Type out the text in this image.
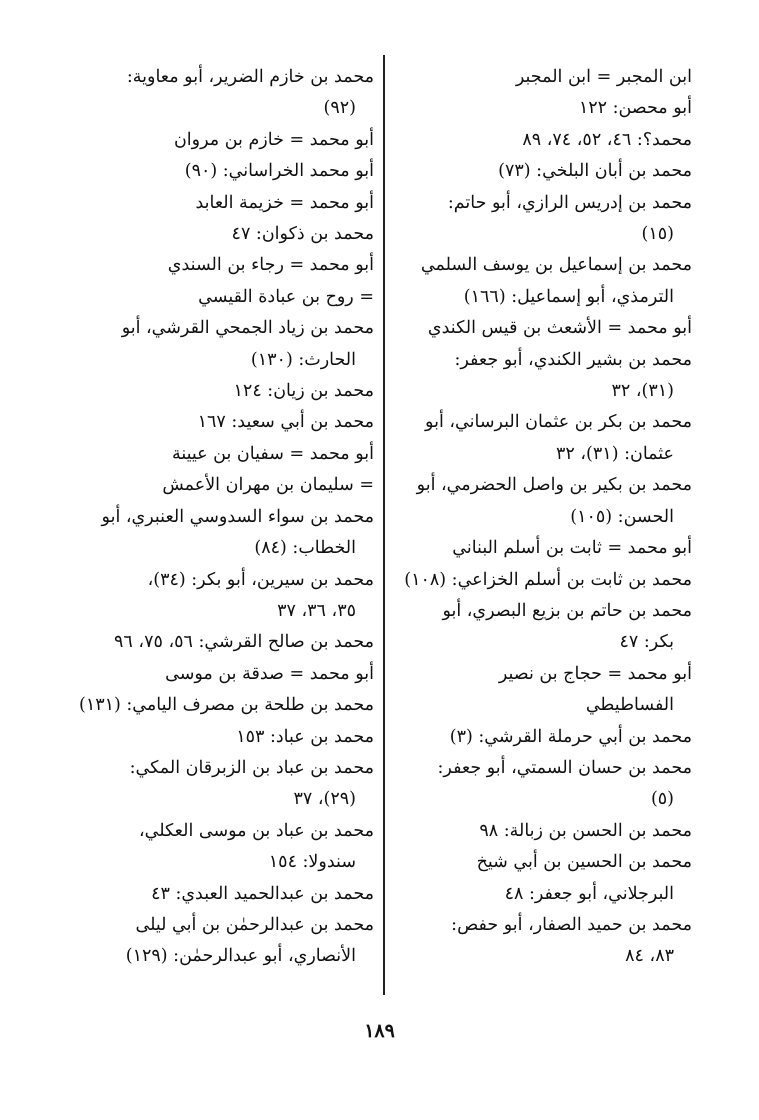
ابن المجبر = ابن المجبر
أبو محصن: ١٢٢
محمد؟: ٤٦، ٥٢، ٧٤، ٨٩
محمد بن أبان البلخي: (٧٣)
محمد بن إدريس الرازي، أبو حاتم:
(١٥)
محمد بن إسماعيل بن يوسف السلمي
الترمذي، أبو إسماعيل: (١٦٦)
أبو محمد = الأشعث بن قيس الكندي
محمد بن بشير الكندي، أبو جعفر:
(٣١)، ٣٢
محمد بن بكر بن عثمان البرساني، أبو
عثمان: (٣١)، ٣٢
محمد بن بكير بن واصل الحضرمي، أبو
الحسن: (١٠٥)
أبو محمد = ثابت بن أسلم البناني
محمد بن ثابت بن أسلم الخزاعي: (١٠٨)
محمد بن حاتم بن بزيع البصري، أبو
بكر: ٤٧
أبو محمد = حجاج بن نصير
الفساطيطي
محمد بن أبي حرملة القرشي: (٣)
محمد بن حسان السمتي، أبو جعفر:
(٥)
محمد بن الحسن بن زبالة: ٩٨
محمد بن الحسين بن أبي شيخ
البرجلاني، أبو جعفر: ٤٨
محمد بن حميد الصفار، أبو حفص:
٨٣، ٨٤
محمد بن خازم الضرير، أبو معاوية:
(٩٢)
أبو محمد = خازم بن مروان
أبو محمد الخراساني: (٩٠)
أبو محمد = خزيمة العابد
محمد بن ذكوان: ٤٧
أبو محمد = رجاء بن السندي
= روح بن عبادة القيسي
محمد بن زياد الجمحي القرشي، أبو
الحارث: (١٣٠)
محمد بن زيان: ١٢٤
محمد بن أبي سعيد: ١٦٧
أبو محمد = سفيان بن عيينة
= سليمان بن مهران الأعمش
محمد بن سواء السدوسي العنبري، أبو
الخطاب: (٨٤)
محمد بن سيرين، أبو بكر: (٣٤)،
٣٥، ٣٦، ٣٧
محمد بن صالح القرشي: ٥٦، ٧٥، ٩٦
أبو محمد = صدقة بن موسى
محمد بن طلحة بن مصرف اليامي: (١٣١)
محمد بن عباد: ١٥٣
محمد بن عباد بن الزبرقان المكي:
(٢٩)، ٣٧
محمد بن عباد بن موسى العكلي،
سندولا: ١٥٤
محمد بن عبدالحميد العبدي: ٤٣
محمد بن عبدالرحمٰن بن أبي ليلى
الأنصاري، أبو عبدالرحمٰن: (١٢٩)
١٨٩
